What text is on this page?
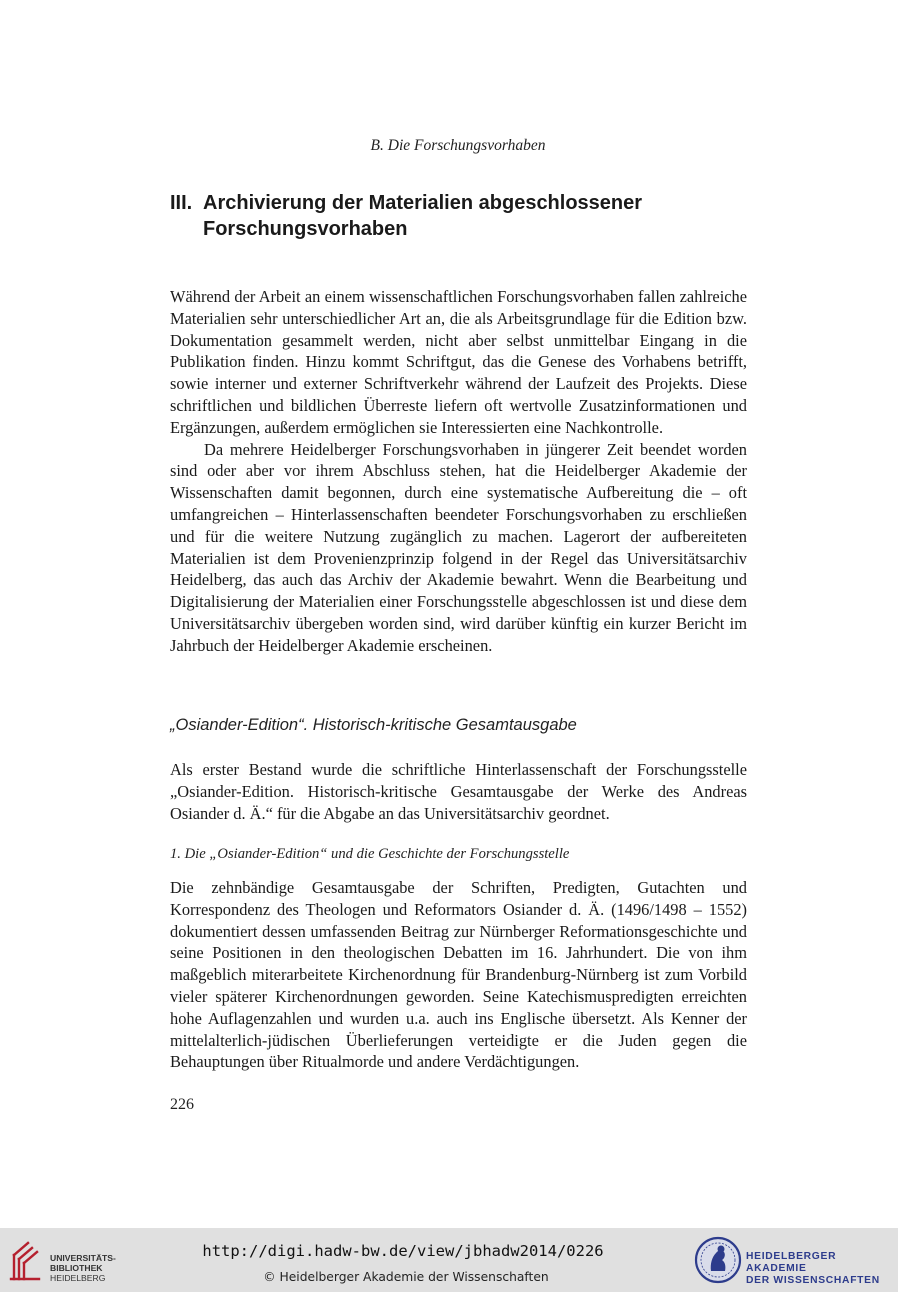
B. Die Forschungsvorhaben
III. Archivierung der Materialien abgeschlossener
Forschungsvorhaben

Während der Arbeit an einem wissenschaftlichen Forschungsvorhaben fallen zahlreiche Materialien sehr unterschiedlicher Art an, die als Arbeitsgrundlage für die Edition bzw. Dokumentation gesammelt werden, nicht aber selbst unmittelbar Eingang in die Publikation finden. Hinzu kommt Schriftgut, das die Genese des Vorhabens betrifft, sowie interner und externer Schriftverkehr während der Laufzeit des Projekts. Diese schriftlichen und bildlichen Überreste liefern oft wertvolle Zusatzinformationen und Ergänzungen, außerdem ermöglichen sie Interessierten eine Nachkontrolle.

Da mehrere Heidelberger Forschungsvorhaben in jüngerer Zeit beendet worden sind oder aber vor ihrem Abschluss stehen, hat die Heidelberger Akademie der Wissenschaften damit begonnen, durch eine systematische Aufbereitung die – oft umfangreichen – Hinterlassenschaften beendeter Forschungsvorhaben zu erschließen und für die weitere Nutzung zugänglich zu machen. Lagerort der aufbereiteten Materialien ist dem Provenienzprinzip folgend in der Regel das Universitätsarchiv Heidelberg, das auch das Archiv der Akademie bewahrt. Wenn die Bearbeitung und Digitalisierung der Materialien einer Forschungsstelle abgeschlossen ist und diese dem Universitätsarchiv übergeben worden sind, wird darüber künftig ein kurzer Bericht im Jahrbuch der Heidelberger Akademie erscheinen.

„Osiander-Edition“. Historisch-kritische Gesamtausgabe

Als erster Bestand wurde die schriftliche Hinterlassenschaft der Forschungsstelle „Osiander-Edition. Historisch-kritische Gesamtausgabe der Werke des Andreas Osiander d. Ä.“ für die Abgabe an das Universitätsarchiv geordnet.

1. Die „Osiander-Edition“ und die Geschichte der Forschungsstelle

Die zehnbändige Gesamtausgabe der Schriften, Predigten, Gutachten und Korrespondenz des Theologen und Reformators Osiander d. Ä. (1496/1498 – 1552) dokumentiert dessen umfassenden Beitrag zur Nürnberger Reformationsgeschichte und seine Positionen in den theologischen Debatten im 16. Jahrhundert. Die von ihm maßgeblich miterarbeitete Kirchenordnung für Brandenburg-Nürnberg ist zum Vorbild vieler späterer Kirchenordnungen geworden. Seine Katechismuspredigten erreichten hohe Auflagenzahlen und wurden u.a. auch ins Englische übersetzt. Als Kenner der mittelalterlich-jüdischen Überlieferungen verteidigte er die Juden gegen die Behauptungen über Ritualmorde und andere Verdächtigungen.

226
UNIVERSITÄTS-
BIBLIOTHEK
HEIDELBERG
http://digi.hadw-bw.de/view/jbhadw2014/0226
© Heidelberger Akademie der Wissenschaften
HEIDELBERGER AKADEMIE
DER WISSENSCHAFTEN
